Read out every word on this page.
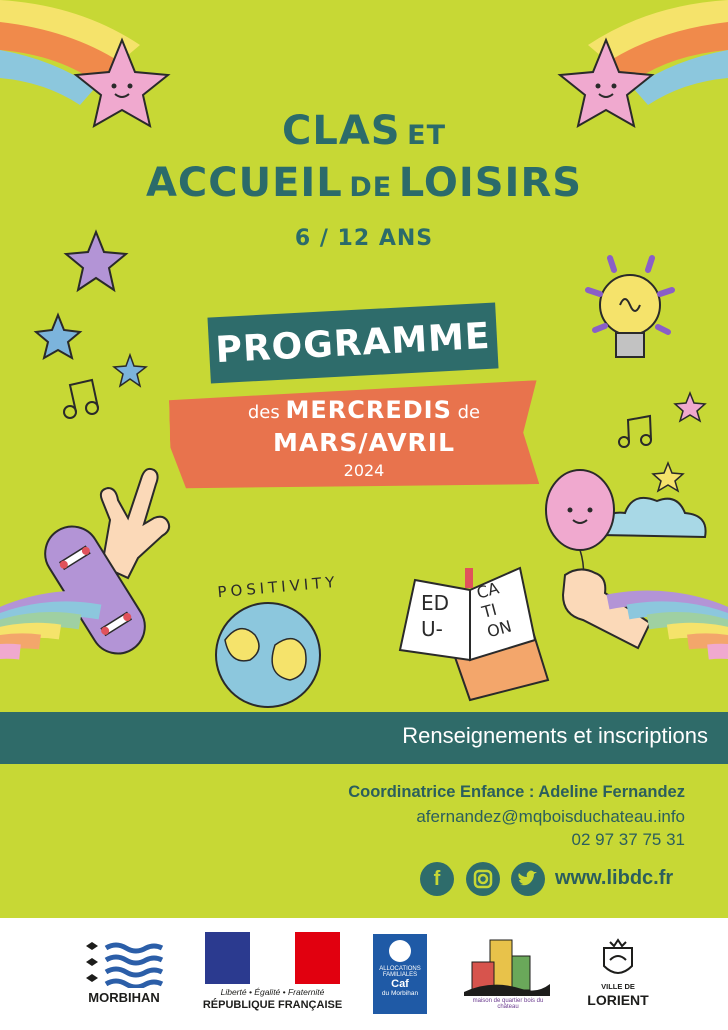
POSITIVITY
ED
U-
CA
TI
ON
CLAS ET
ACCUEIL DE LOISIRS
6 / 12 ANS
PROGRAMME
des MERCREDIS de
MARS/AVRIL
2024
Renseignements et inscriptions
Coordinatrice Enfance : Adeline Fernandez
afernandez@mqboisduchateau.info
02 97 37 75 31
f	www.libdc.fr
MORBIHAN	Liberté • Égalité • Fraternité
RÉPUBLIQUE FRANÇAISE
ALLOCATIONS FAMILIALES
Caf
du Morbihan
maison de quartier bois du château
VILLE DE
LORIENT
